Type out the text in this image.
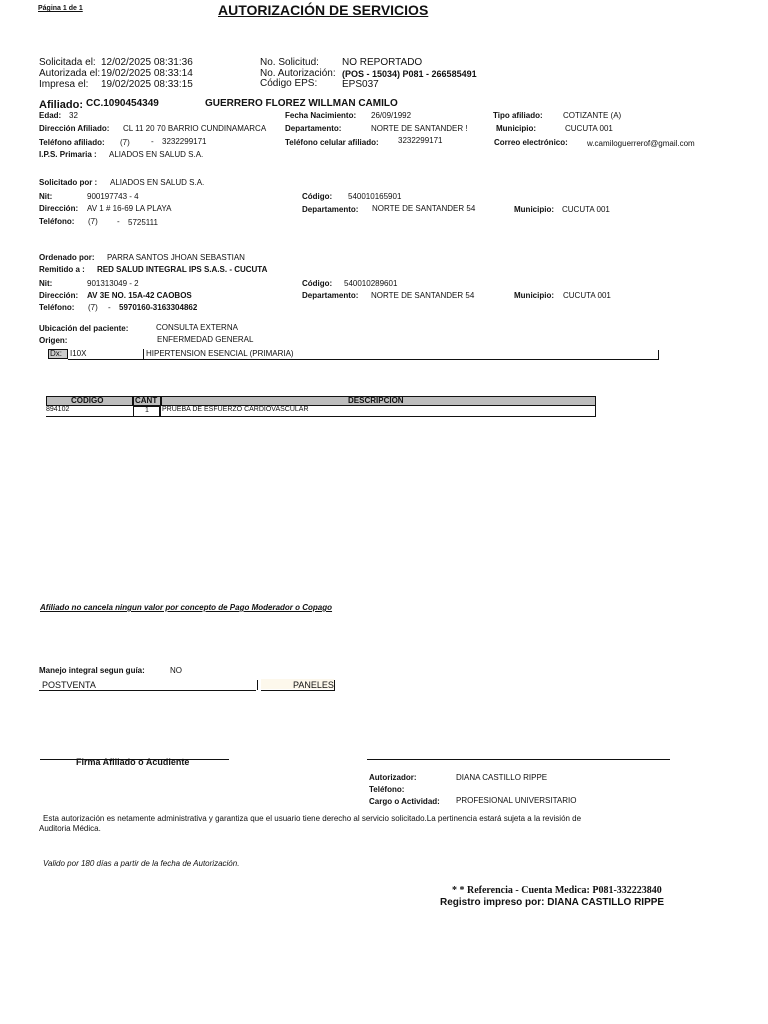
Página 1 de 1	AUTORIZACIÓN DE SERVICIOS
Solicitada el: 12/02/2025 08:31:36
Autorizada el: 19/02/2025 08:33:14
Impresa el: 19/02/2025 08:33:15
No. Solicitud: NO REPORTADO
No. Autorización: (POS - 15034) P081 - 266585491
Código EPS: EPS037
Afiliado: CC.1090454349	GUERRERO FLOREZ WILLMAN CAMILO
Edad: 32	Fecha Nacimiento: 26/09/1992	Tipo afiliado:	COTIZANTE (A)
Dirección Afiliado: CL 11 20 70 BARRIO CUNDINAMARCA Departamento:	NORTE DE SANTANDER !	Municipio:	CUCUTA 001
Teléfono afiliado: (7)	- 3232299171	Teléfono celular afiliado: 3232299171	Correo electrónico: w.camiloguerrerof@gmail.com
I.P.S. Primaria : ALIADOS EN SALUD S.A.
Solicitado por : ALIADOS EN SALUD S.A.
Nit:	900197743 - 4	Código: 540010165901
Dirección: AV 1 # 16-69 LA PLAYA	Departamento: NORTE DE SANTANDER 54	Municipio: CUCUTA 001
Teléfono: (7) - 5725111
Ordenado por: PARRA SANTOS JHOAN SEBASTIAN
Remitido a : RED SALUD INTEGRAL IPS S.A.S. - CUCUTA
Nit:	901313049 - 2	Código: 540010289601
Dirección: AV 3E NO. 15A-42 CAOBOS	Departamento: NORTE DE SANTANDER 54	Municipio: CUCUTA 001
Teléfono: (7) - 5970160-3163304862
Ubicación del paciente:	CONSULTA EXTERNA
Origen:	ENFERMEDAD GENERAL
Dx: I10X	HIPERTENSION ESENCIAL (PRIMARIA)
CODIGO	CANT	DESCRIPCION
894102	1 PRUEBA DE ESFUERZO CARDIOVASCULAR
Afiliado no cancela ningun valor por concepto de Pago Moderador o Copago
Manejo integral segun guía:	NO
POSTVENTA	PANELES
Firma Afiliado o Acudiente
Autorizador:	DIANA CASTILLO RIPPE
Teléfono:
Cargo o Actividad: PROFESIONAL UNIVERSITARIO
Esta autorización es netamente administrativa y garantiza que el usuario tiene derecho al servicio solicitado.La pertinencia estará sujeta a la revisión de
Auditoria Médica.
Valido por 180 días a partir de la fecha de Autorización.
* * Referencia - Cuenta Medica: P081-332223840
Registro impreso por: DIANA CASTILLO RIPPE
